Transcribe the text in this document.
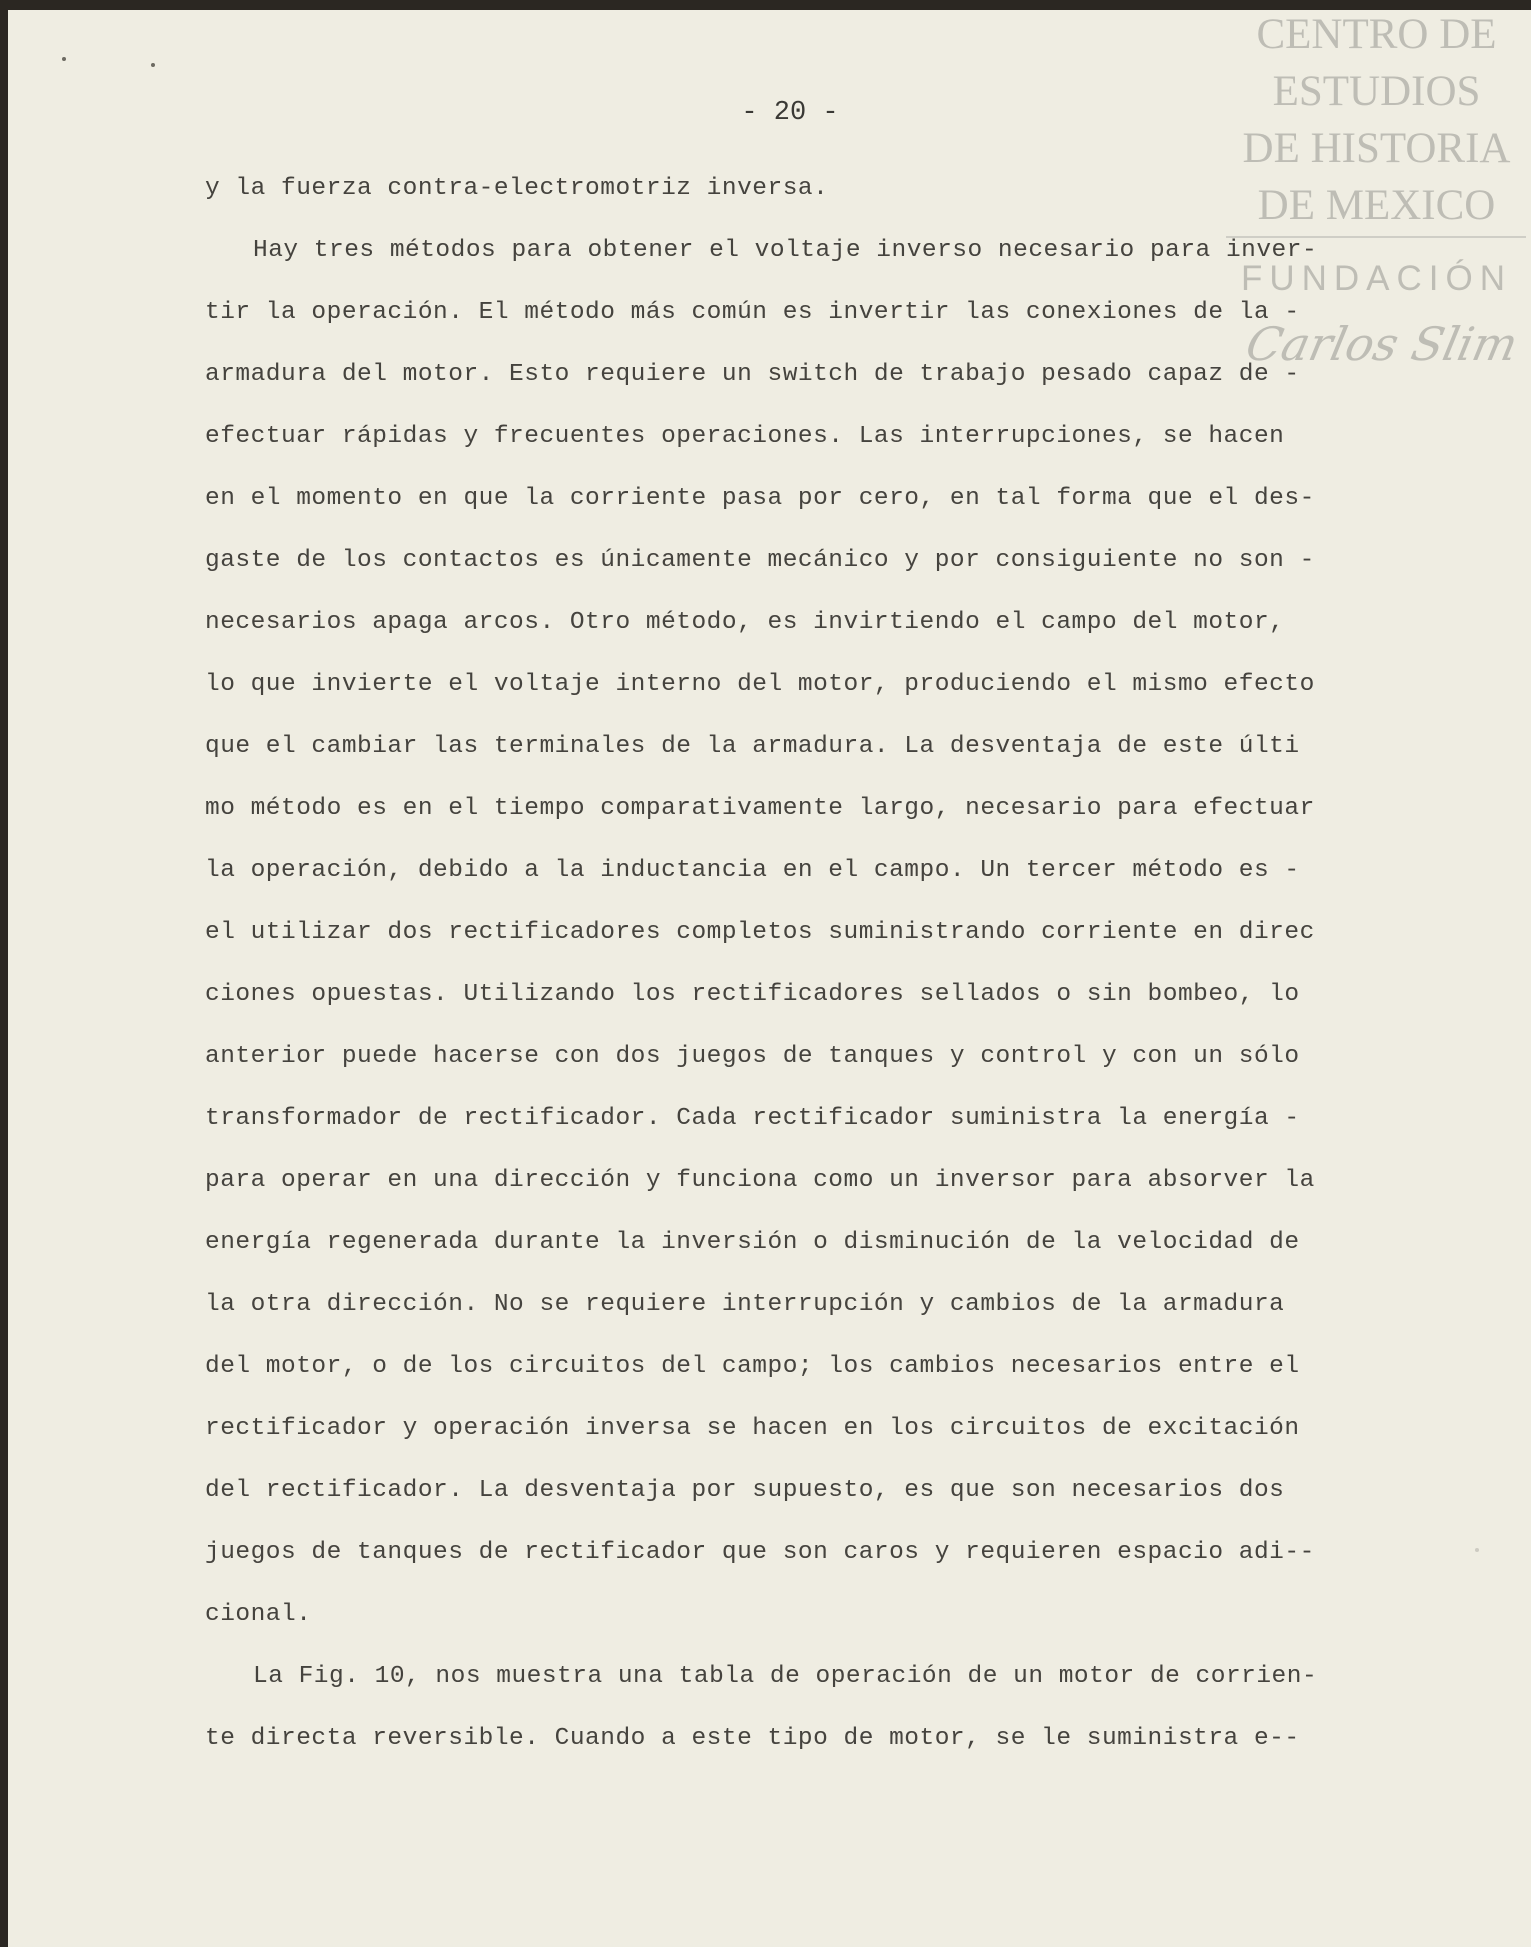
CENTRO DE
ESTUDIOS
DE HISTORIA
DE MEXICO
FUNDACIÓN
Carlos Slim
- 20 -
y la fuerza contra-electromotriz inversa.
Hay tres métodos para obtener el voltaje inverso necesario para inver-
tir la operación. El método más común es invertir las conexiones de la -
armadura del motor. Esto requiere un switch de trabajo pesado capaz de -
efectuar rápidas y frecuentes operaciones. Las interrupciones, se hacen
en el momento en que la corriente pasa por cero, en tal forma que el des-
gaste de los contactos es únicamente mecánico y por consiguiente no son -
necesarios apaga arcos. Otro método, es invirtiendo el campo del motor,
lo que invierte el voltaje interno del motor, produciendo el mismo efecto
que el cambiar las terminales de la armadura. La desventaja de este últi
mo método es en el tiempo comparativamente largo, necesario para efectuar
la operación, debido a la inductancia en el campo. Un tercer método es -
el utilizar dos rectificadores completos suministrando corriente en direc
ciones opuestas. Utilizando los rectificadores sellados o sin bombeo, lo
anterior puede hacerse con dos juegos de tanques y control y con un sólo
transformador de rectificador. Cada rectificador suministra la energía -
para operar en una dirección y funciona como un inversor para absorver la
energía regenerada durante la inversión o disminución de la velocidad de
la otra dirección. No se requiere interrupción y cambios de la armadura
del motor, o de los circuitos del campo; los cambios necesarios entre el
rectificador y operación inversa se hacen en los circuitos de excitación
del rectificador. La desventaja por supuesto, es que son necesarios dos
juegos de tanques de rectificador que son caros y requieren espacio adi--
cional.
La Fig. 10, nos muestra una tabla de operación de un motor de corrien-
te directa reversible. Cuando a este tipo de motor, se le suministra e--
